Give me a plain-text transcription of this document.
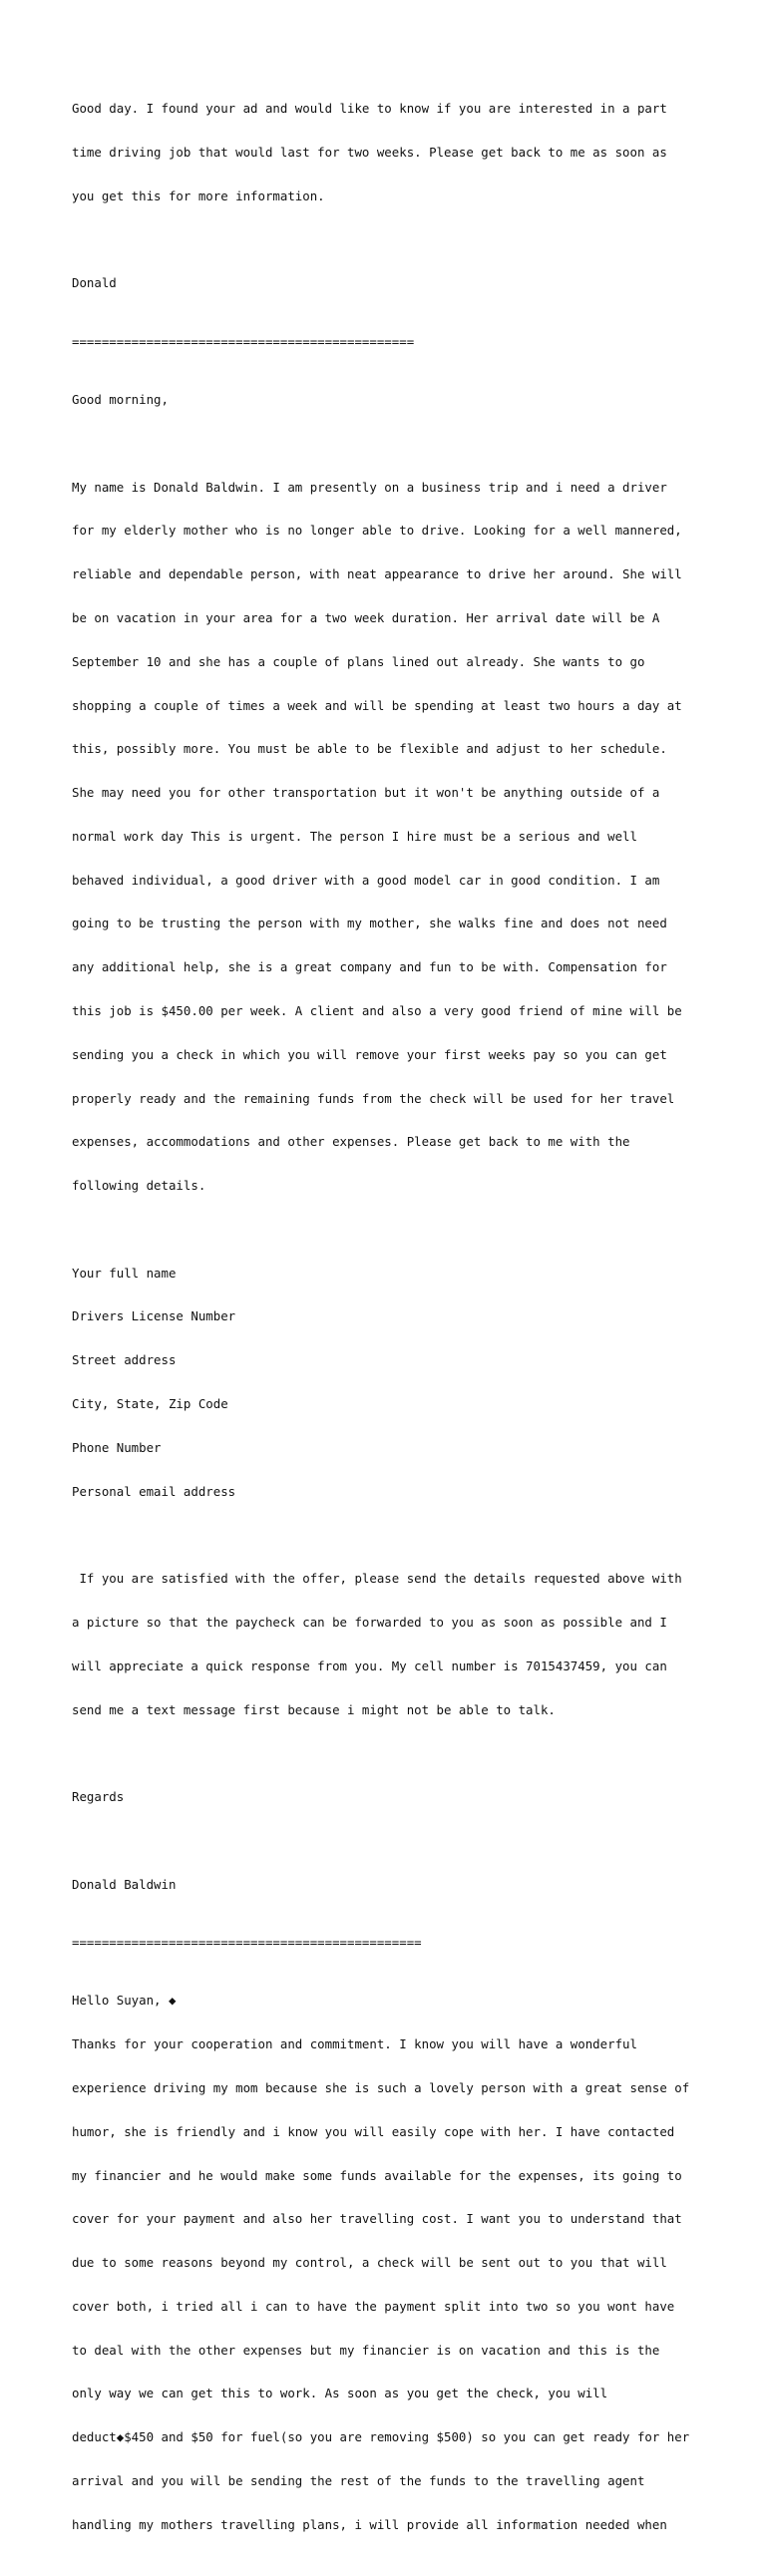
Good day. I found your ad and would like to know if you are interested in a part

time driving job that would last for two weeks. Please get back to me as soon as

you get this for more information.

Donald

==============================================

Good morning,

My name is Donald Baldwin. I am presently on a business trip and i need a driver

for my elderly mother who is no longer able to drive. Looking for a well mannered,

reliable and dependable person, with neat appearance to drive her around. She will

be on vacation in your area for a two week duration. Her arrival date will be A

September 10 and she has a couple of plans lined out already. She wants to go

shopping a couple of times a week and will be spending at least two hours a day at

this, possibly more. You must be able to be flexible and adjust to her schedule.

She may need you for other transportation but it won't be anything outside of a

normal work day This is urgent. The person I hire must be a serious and well

behaved individual, a good driver with a good model car in good condition. I am

going to be trusting the person with my mother, she walks fine and does not need

any additional help, she is a great company and fun to be with. Compensation for

this job is $450.00 per week. A client and also a very good friend of mine will be

sending you a check in which you will remove your first weeks pay so you can get

properly ready and the remaining funds from the check will be used for her travel

expenses, accommodations and other expenses. Please get back to me with the

following details.

Your full name

Drivers License Number

Street address

City, State, Zip Code

Phone Number

Personal email address

If you are satisfied with the offer, please send the details requested above with

a picture so that the paycheck can be forwarded to you as soon as possible and I

will appreciate a quick response from you. My cell number is 7015437459, you can

send me a text message first because i might not be able to talk.

Regards

Donald Baldwin

===============================================

Hello Suyan, ◆

Thanks for your cooperation and commitment. I know you will have a wonderful

experience driving my mom because she is such a lovely person with a great sense of

humor, she is friendly and i know you will easily cope with her. I have contacted

my financier and he would make some funds available for the expenses, its going to

cover for your payment and also her travelling cost. I want you to understand that

due to some reasons beyond my control, a check will be sent out to you that will

cover both, i tried all i can to have the payment split into two so you wont have

to deal with the other expenses but my financier is on vacation and this is the

only way we can get this to work. As soon as you get the check, you will

deduct◆$450 and $50 for fuel(so you are removing $500) so you can get ready for her

arrival and you will be sending the rest of the funds to the travelling agent

handling my mothers travelling plans, i will provide all information needed when
